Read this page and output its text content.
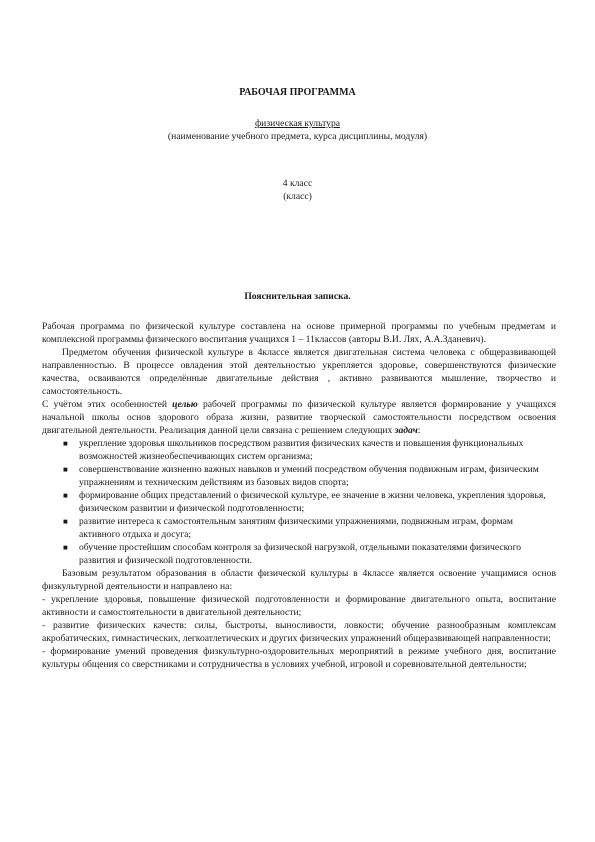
РАБОЧАЯ ПРОГРАММА
физическая культура
(наименование учебного предмета, курса дисциплины, модуля)
4 класс
(класс)
Пояснительная записка.

Рабочая программа по физической культуре составлена на основе примерной программы по учебным предметам и комплексной программы физического воспитания учащихся 1 – 11классов (авторы В.И. Лях, А.А.Зданевич).

Предметом обучения физической культуре в 4классе является двигательная система человека с общеразвивающей направленностью. В процессе овладения этой деятельностью укрепляется здоровье, совершенствуются физические качества, осваиваются определённые двигательные действия , активно развиваются мышление, творчество и самостоятельность.

С учётом этих особенностей целью рабочей программы по физической культуре является формирование у учащихся начальной школы основ здорового образа жизни, развитие творческой самостоятельности посредством освоения двигательной деятельности. Реализация данной цели связана с решением следующих задач:

■ укрепление здоровья школьников посредством развития физических качеств и повышения функциональных возможностей жизнеобеспечивающих систем организма;
■ совершенствование жизненно важных навыков и умений посредством обучения подвижным играм, физическим упражнениям и техническим действиям из базовых видов спорта;
■ формирование общих представлений о физической культуре, ее значение в жизни человека, укрепления здоровья, физическом развитии и физической подготовленности;
■ развитие интереса к самостоятельным занятиям физическими упражнениями, подвижным играм, формам активного отдыха и досуга;
■ обучение простейшим способам контроля за физической нагрузкой, отдельными показателями физического развития и физической подготовленности.

Базовым результатом образования в области физической культуры в 4классе является освоение учащимися основ физкультурной деятельности и направлено на:

- укрепление здоровья, повышение физической подготовленности и формирование двигательного опыта, воспитание активности и самостоятельности в двигательной деятельности;

- развитие физических качеств: силы, быстроты, выносливости, ловкости; обучение разнообразным комплексам акробатических, гимнастических, легкоатлетических и других физических упражнений общеразвивающей направленности;

- формирование умений проведения физкультурно-оздоровительных мероприятий в режиме учебного дня, воспитание культуры общения со сверстниками и сотрудничества в условиях учебной, игровой и соревновательной деятельности;
